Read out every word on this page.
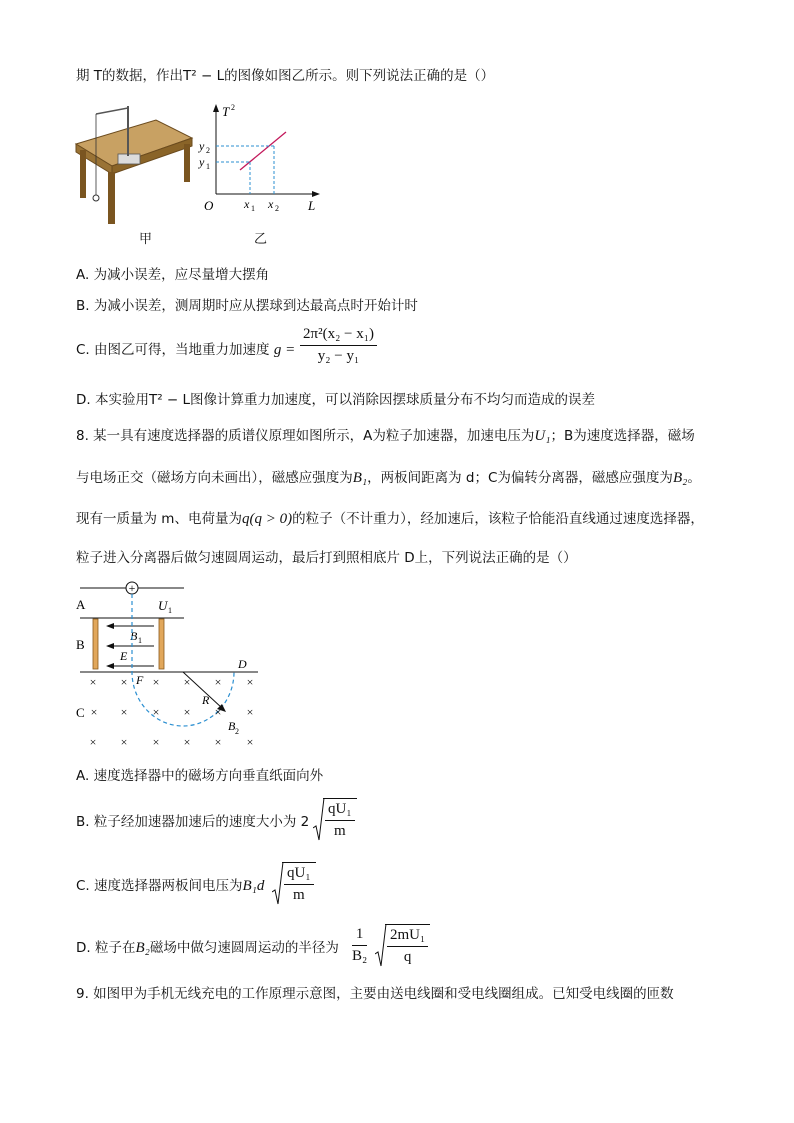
期 T的数据，作出T² − L的图像如图乙所示。则下列说法正确的是（）
甲
T 2
y 2
y 1
O	x 1 x 2 L
乙
A. 为减小误差，应尽量增大摆角
B. 为减小误差，测周期时应从摆球到达最高点时开始计时
C. 由图乙可得，当地重力加速度 $g = \frac{\text{2π²(x₂ − x₁)}}{\text{y₂ − y₁}}$
D. 本实验用T² − L图像计算重力加速度，可以消除因摆球质量分布不均匀而造成的误差
8. 某一具有速度选择器的质谱仪原理如图所示，A为粒子加速器，加速电压为U₁；B为速度选择器，磁场
与电场正交（磁场方向未画出），磁感应强度为B₁，两板间距离为 d；C为偏转分离器，磁感应强度为B₂。
现有一质量为 m、电荷量为q(q > 0)的粒子（不计重力），经加速后，该粒子恰能沿直线通过速度选择器，
粒子进入分离器后做匀速圆周运动，最后打到照相底片 D上，下列说法正确的是（）
+
A	U 1
B
B 1
E
F
D
R
B 2
C
× × × × × ×
× × × × × ×
× × × × × ×
A. 速度选择器中的磁场方向垂直纸面向外
B. 粒子经加速器加速后的速度大小为 $2 \frac{\text{qU₁}}{m}$
C. 速度选择器两板间电压为$B_1d \frac{\text{qU₁}}{m}$
D. 粒子在B₂磁场中做匀速圆周运动的半径为 $\frac{1}{\text{B₂}} \frac{\text{2mU₁}}{q}$
9. 如图甲为手机无线充电的工作原理示意图，主要由送电线圈和受电线圈组成。已知受电线圈的匝数
